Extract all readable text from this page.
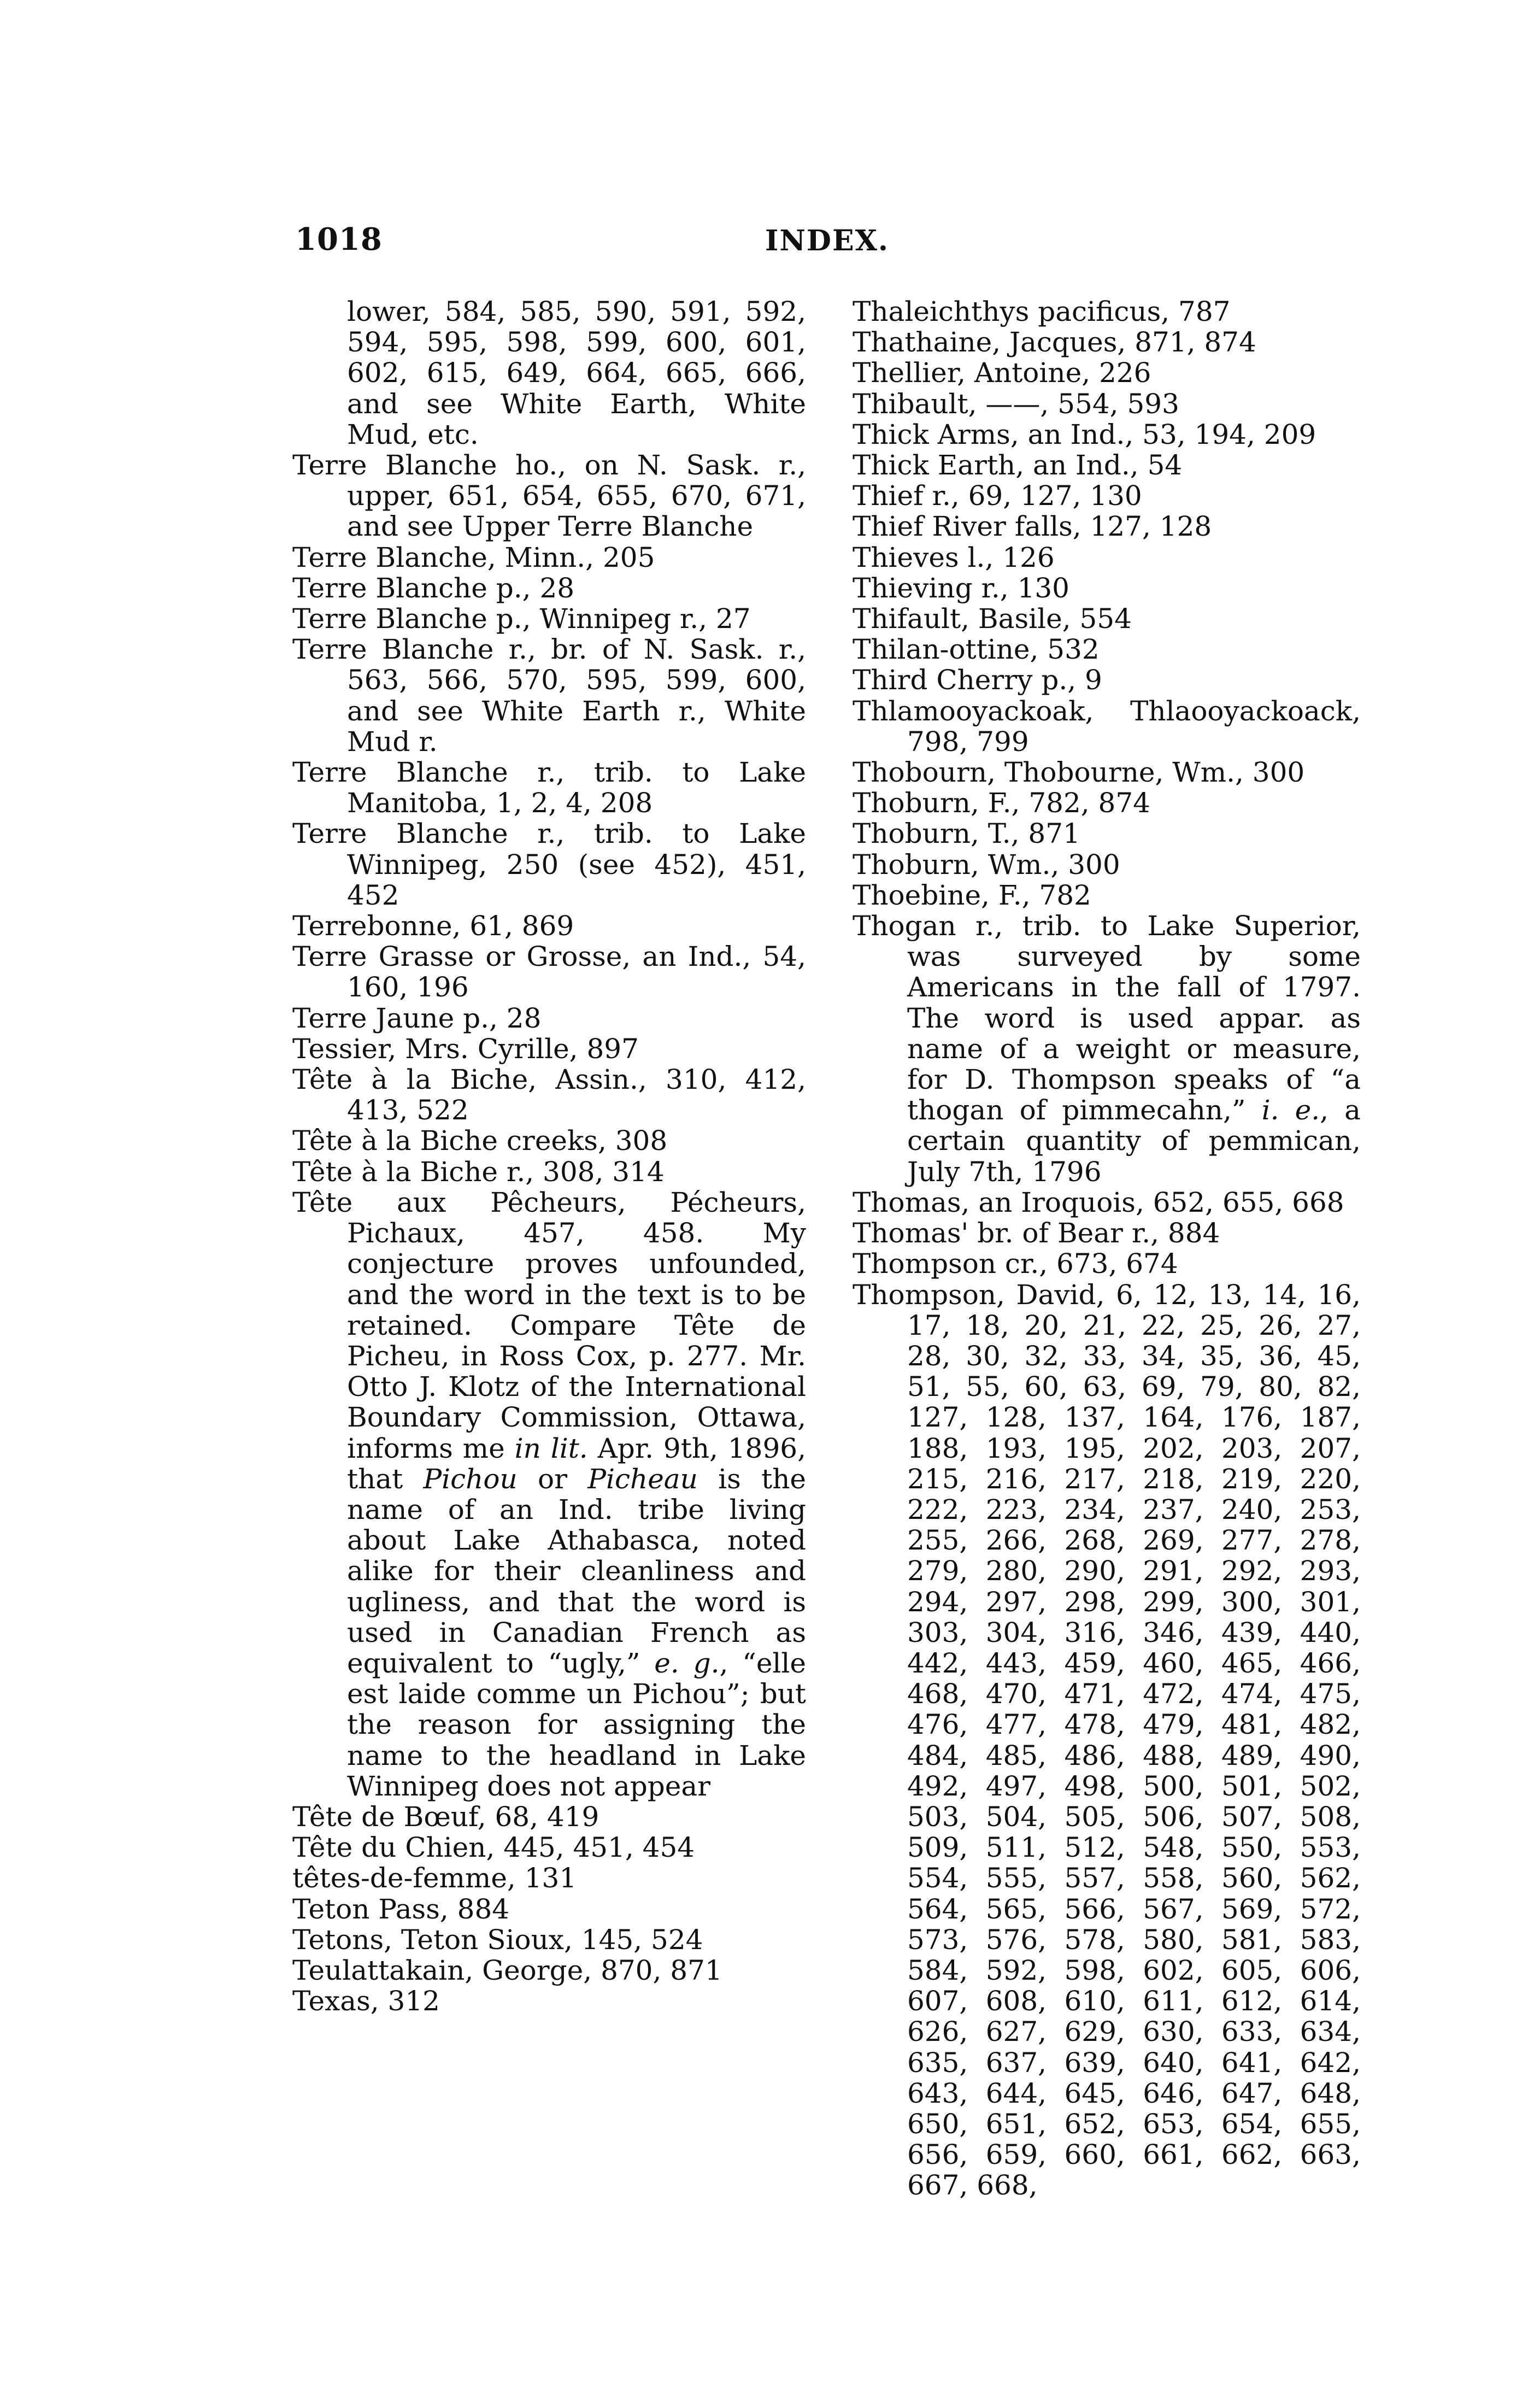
1018	INDEX.
lower, 584, 585, 590, 591, 592, 594, 595, 598, 599, 600, 601, 602, 615, 649, 664, 665, 666, and see White Earth, White Mud, etc.
Terre Blanche ho., on N. Sask. r., upper, 651, 654, 655, 670, 671, and see Upper Terre Blanche
Terre Blanche, Minn., 205
Terre Blanche p., 28
Terre Blanche p., Winnipeg r., 27
Terre Blanche r., br. of N. Sask. r., 563, 566, 570, 595, 599, 600, and see White Earth r., White Mud r.
Terre Blanche r., trib. to Lake Manitoba, 1, 2, 4, 208
Terre Blanche r., trib. to Lake Winnipeg, 250 (see 452), 451, 452
Terrebonne, 61, 869
Terre Grasse or Grosse, an Ind., 54, 160, 196
Terre Jaune p., 28
Tessier, Mrs. Cyrille, 897
Tête à la Biche, Assin., 310, 412, 413, 522
Tête à la Biche creeks, 308
Tête à la Biche r., 308, 314
Tête aux Pêcheurs, Pécheurs, Pichaux, 457, 458. My conjecture proves unfounded, and the word in the text is to be retained. Compare Tête de Picheu, in Ross Cox, p. 277. Mr. Otto J. Klotz of the International Boundary Commission, Ottawa, informs me in lit. Apr. 9th, 1896, that Pichou or Picheau is the name of an Ind. tribe living about Lake Athabasca, noted alike for their cleanliness and ugliness, and that the word is used in Canadian French as equivalent to “ugly,” e. g., “elle est laide comme un Pichou”; but the reason for assigning the name to the headland in Lake Winnipeg does not appear
Tête de Bœuf, 68, 419
Tête du Chien, 445, 451, 454
têtes-de-femme, 131
Teton Pass, 884
Tetons, Teton Sioux, 145, 524
Teulattakain, George, 870, 871
Texas, 312
Thaleichthys pacificus, 787
Thathaine, Jacques, 871, 874
Thellier, Antoine, 226
Thibault, ——, 554, 593
Thick Arms, an Ind., 53, 194, 209
Thick Earth, an Ind., 54
Thief r., 69, 127, 130
Thief River falls, 127, 128
Thieves l., 126
Thieving r., 130
Thifault, Basile, 554
Thilan-ottine, 532
Third Cherry p., 9
Thlamooyackoak, Thlaooyackoack, 798, 799
Thobourn, Thobourne, Wm., 300
Thoburn, F., 782, 874
Thoburn, T., 871
Thoburn, Wm., 300
Thoebine, F., 782
Thogan r., trib. to Lake Superior, was surveyed by some Americans in the fall of 1797. The word is used appar. as name of a weight or measure, for D. Thompson speaks of “a thogan of pimmecahn,” i. e., a certain quantity of pemmican, July 7th, 1796
Thomas, an Iroquois, 652, 655, 668
Thomas' br. of Bear r., 884
Thompson cr., 673, 674
Thompson, David, 6, 12, 13, 14, 16, 17, 18, 20, 21, 22, 25, 26, 27, 28, 30, 32, 33, 34, 35, 36, 45, 51, 55, 60, 63, 69, 79, 80, 82, 127, 128, 137, 164, 176, 187, 188, 193, 195, 202, 203, 207, 215, 216, 217, 218, 219, 220, 222, 223, 234, 237, 240, 253, 255, 266, 268, 269, 277, 278, 279, 280, 290, 291, 292, 293, 294, 297, 298, 299, 300, 301, 303, 304, 316, 346, 439, 440, 442, 443, 459, 460, 465, 466, 468, 470, 471, 472, 474, 475, 476, 477, 478, 479, 481, 482, 484, 485, 486, 488, 489, 490, 492, 497, 498, 500, 501, 502, 503, 504, 505, 506, 507, 508, 509, 511, 512, 548, 550, 553, 554, 555, 557, 558, 560, 562, 564, 565, 566, 567, 569, 572, 573, 576, 578, 580, 581, 583, 584, 592, 598, 602, 605, 606, 607, 608, 610, 611, 612, 614, 626, 627, 629, 630, 633, 634, 635, 637, 639, 640, 641, 642, 643, 644, 645, 646, 647, 648, 650, 651, 652, 653, 654, 655, 656, 659, 660, 661, 662, 663, 667, 668,
